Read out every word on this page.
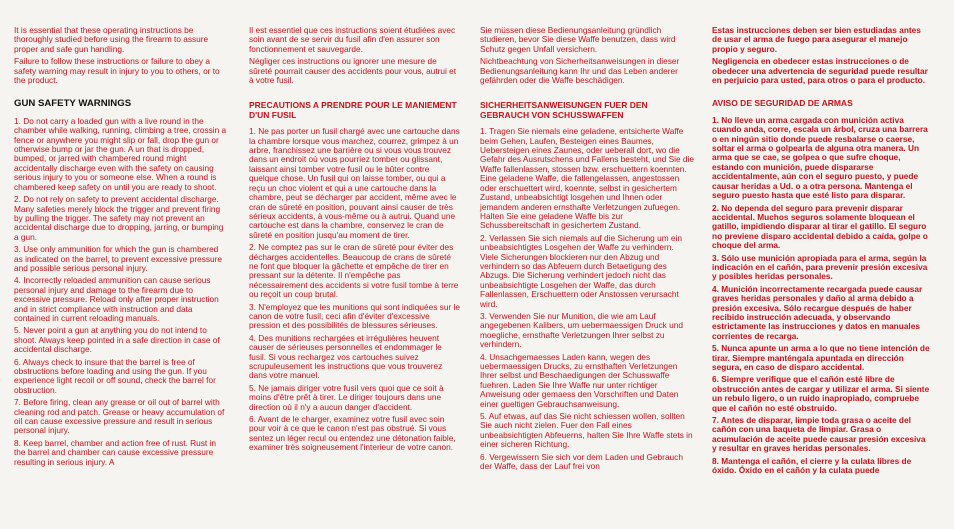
It is essential that these operating instructions be thoroughly studied before using the firearm to assure proper and safe gun handling.

Failure to follow these instructions or failure to obey a safety warning may result in injury to you to others, or to the product.

GUN SAFETY WARNINGS

1. Do not carry a loaded gun with a live round in the chamber while walking, running, climbing a tree, crossin a fence or anywhere you might slip or fall, drop the gun or otherwise bump or jar the gun. A un that is dropped, bumped, or jarred with chambered round might accidentally discharge even with the safety on causing serious injury to you or someone else. When a round is chambered keep safety on until you are ready to shoot.

2. Do not rely on safety to prevent accidental discharge. Many safeties merely block the trigger and prevent firing by pulling the trigger. The safety may not prevent an accidental discharge due to dropping, jarring, or bumping a gun.

3. Use only ammunition for which the gun is chambered as indicated on the barrel, to prevent excessive pressure and possible serious personal injury.

4. Incorrectly reloaded ammunition can cause serious personal injury and damage to the firearm due to excessive pressure. Reload only after proper instruction and in strict compliance with instruction and data contained in current reloading manuals.

5. Never point a gun at anything you do not intend to shoot. Always keep pointed in a safe direction in case of accidental discharge.

6. Always check to insure that the barrel is free of obstructions before loading and using the gun. If you experience light recoil or off sound, check the barrel for obstruction.

7. Before firing, clean any grease or oil out of barrel with cleaning rod and patch. Grease or heavy accumulation of oil can cause excessive pressure and result in serious personal injury.

8. Keep barrel, chamber and action free of rust. Rust in the barrel and chamber can cause excessive pressure resulting in serious injury. A

Il est essentiel que ces instructions soient étudiées avec soin avant de se servir du fusil afin d'en assurer son fonctionnement et sauvegarde.

Négliger ces instructions ou ignorer une mesure de sûreté pourrait causer des accidents pour vous, autrui et à votre fusil.

PRECAUTIONS A PRENDRE POUR LE MANIEMENT D'UN FUSIL

1. Ne pas porter un fusil chargé avec une cartouche dans la chambre lorsque vous marchez, courrez, grimpez à un arbre, franchissez une barrière ou si vous vous trouvez dans un endroit où vous pourriez tomber ou glissant, laissant ainsi tomber votre fusil ou le bûter contre quelque chose. Un fusil qui on laisse tomber, ou qui a reçu un choc violent et qui a une cartouche dans la chambre, peut se décharger par accident, même avec le cran de sûreté en position, pouvant ainsi causer de très sérieux accidents, à vous-même ou à autrui. Quand une cartouche est dans la chambre, conservez le cran de sûreté en position jusqu'au moment de tirer.

2. Ne comptez pas sur le cran de sûreté pour éviter des décharges accidentelles. Beaucoup de crans de sûreté ne font que bloquer la gâchette et empêche de tirer en pressant sur la détente. Il n'empêche pas nécessairement des accidents si votre fusil tombe à terre ou reçoit un coup brutal.

3. N'employez que les munitions qui sont indiquées sur le canon de votre fusil, ceci afin d'éviter d'excessive pression et des possibilités de blessures sérieuses.

4. Des munitions rechargées et irrégulières heuvent causer de sérieuses personnelles et endommager le fusil. Si vous rechargez vos cartouches suivez scrupuleusement les instructions que vous trouverez dans votre manuel.

5. Ne jamais diriger votre fusil vers quoi que ce soit à moins d'être prêt à tirer. Le diriger toujours dans une direction où il n'y a aucun danger d'accident.

6. Avant de le charger, examinez votre fusil avec soin pour voir à ce que le canon n'est pas obstrué. Si vous sentez un léger recul ou entendez une détonation faible, examiner très soigneusement l'interieur de votre canon.

Sie müssen diese Bedienungsanleitung gründlich studieren, bevor Sie diese Waffe benutzen, dass wird Schutz gegen Unfall versichern.

Nichtbeachtung von Sicherheitsanweisungen in dieser Bedienungsanleitung kann Ihr und das Leben anderer gefährden oder die Waffe beschädigen.

SICHERHEITSANWEISUNGEN FUER DEN GEBRAUCH VON SCHUSSWAFFEN

1. Tragen Sie niemals eine geladene, entsicherte Waffe beim Gehen, Laufen, Besteigen eines Baumes, Uebersteigen eines Zaunes, oder ueberall dort, wo die Gefahr des Ausrutschens und Fallens besteht, und Sie die Waffe fallenlassen, stossen bzw. erschuettern koennten. Eine geladene Waffe, die fallengelassen, angestossen oder erschuettert wird, koennte, selbst in gesichertem Zustand, unbeabsichtigt losgehen und Ihnen oder jemandem anderen ernsthafte Verletzungen zufuegen. Halten Sie eine geladene Waffe bis zur Schussbereitschaft in gesichertem Zustand.

2. Verlassen Sie sich niemals auf die Sicherung um ein unbeabsichtigtes Losgehen der Waffe zu verhindern. Viele Sicherungen blockieren nur den Abzug und verhindern so das Abfeuern durch Betaetigung des Abzugs. Die Sicherung verhindert jedoch nicht das unbeabsichtigte Losgehen der Waffe, das durch Fallenlassen, Erschuettern oder Anstossen verursacht wird.

3. Verwenden Sie nur Munition, die wie am Lauf angegebenen Kalibers, um uebermaessigen Druck und moegliche, ernsthafte Verletzungen Ihrer selbst zu verhindern.

4. Unsachgemaesses Laden kann, wegen des uebermaessigen Drucks, zu ernsthaften Verletzungen Ihrer selbst und Beschaedigungen der Schusswaffe fuehren. Laden Sie Ihre Waffe nur unter richtiger Anweisung oder gemaess den Vorschriften und Daten einer gueltigen Gebrauchsanweisung.

5. Auf etwas, auf das Sie nicht schiessen wollen, sollten Sie auch nicht zielen. Fuer den Fall eines unbeabsichtigten Abfeuerns, halten Sie Ihre Waffe stets in einer sicheren Richtung.

6. Vergewissern Sie sich vor dem Laden und Gebrauch der Waffe, dass der Lauf frei von

Estas instrucciones deben ser bien estudiadas antes de usar el arma de fuego para asegurar el manejo propio y seguro.

Negligencia en obedecer estas instrucciones o de obedecer una advertencia de seguridad puede resultar en perjuicio para usted, para otros o para el producto.

AVISO DE SEGURIDAD DE ARMAS

1. No lleve un arma cargada con munición activa cuando anda, corre, escala un árbol, cruza una barrera o en ningún sitio donde puede resbalarse o caerse, soltar el arma o golpearla de alguna otra manera. Un arma que se cae, se golpea o que sufre choque, estando con munición, puede dispararse accidentalmente, aún con el seguro puesto, y puede causar heridas a Ud. o a otra persona. Mantenga el seguro puesto hasta que esté listo para disparar.

2. No dependa del seguro para prevenir disparar accidental. Muchos seguros solamente bloquean el gatillo, impidiendo disparar al tirar el gatillo. El seguro no previene disparo accidental debido a caída, golpe o choque del arma.

3. Sólo use munición apropiada para el arma, según la indicación en el cañón, para prevenir presión excesiva y posibles heridas personales.

4. Munición incorrectamente recargada puede causar graves heridas personales y daño al arma debido a presión excesiva. Sólo recargue después de haber recibido instrucción adecuada, y observando estrictamente las instrucciones y datos en manuales corrientes de recarga.

5. Nunca apunte un arma a lo que no tiene intención de tirar. Siempre manténgala apuntada en dirección segura, en caso de disparo accidental.

6. Siempre verifique que el cañón esté libre de obstrucción antes de cargar y utilizar el arma. Si siente un rebulo ligero, o un ruido inapropiado, compruebe que el cañón no esté obstruido.

7. Antes de disparar, limpie toda grasa o aceite del cañón con una baqueta de limpiar. Grasa o acumulación de aceite puede causar presión excesiva y resultar en graves heridas personales.

8. Mantenga el cañón, el cierre y la culata libres de óxido. Óxido en el cañón y la culata puede
